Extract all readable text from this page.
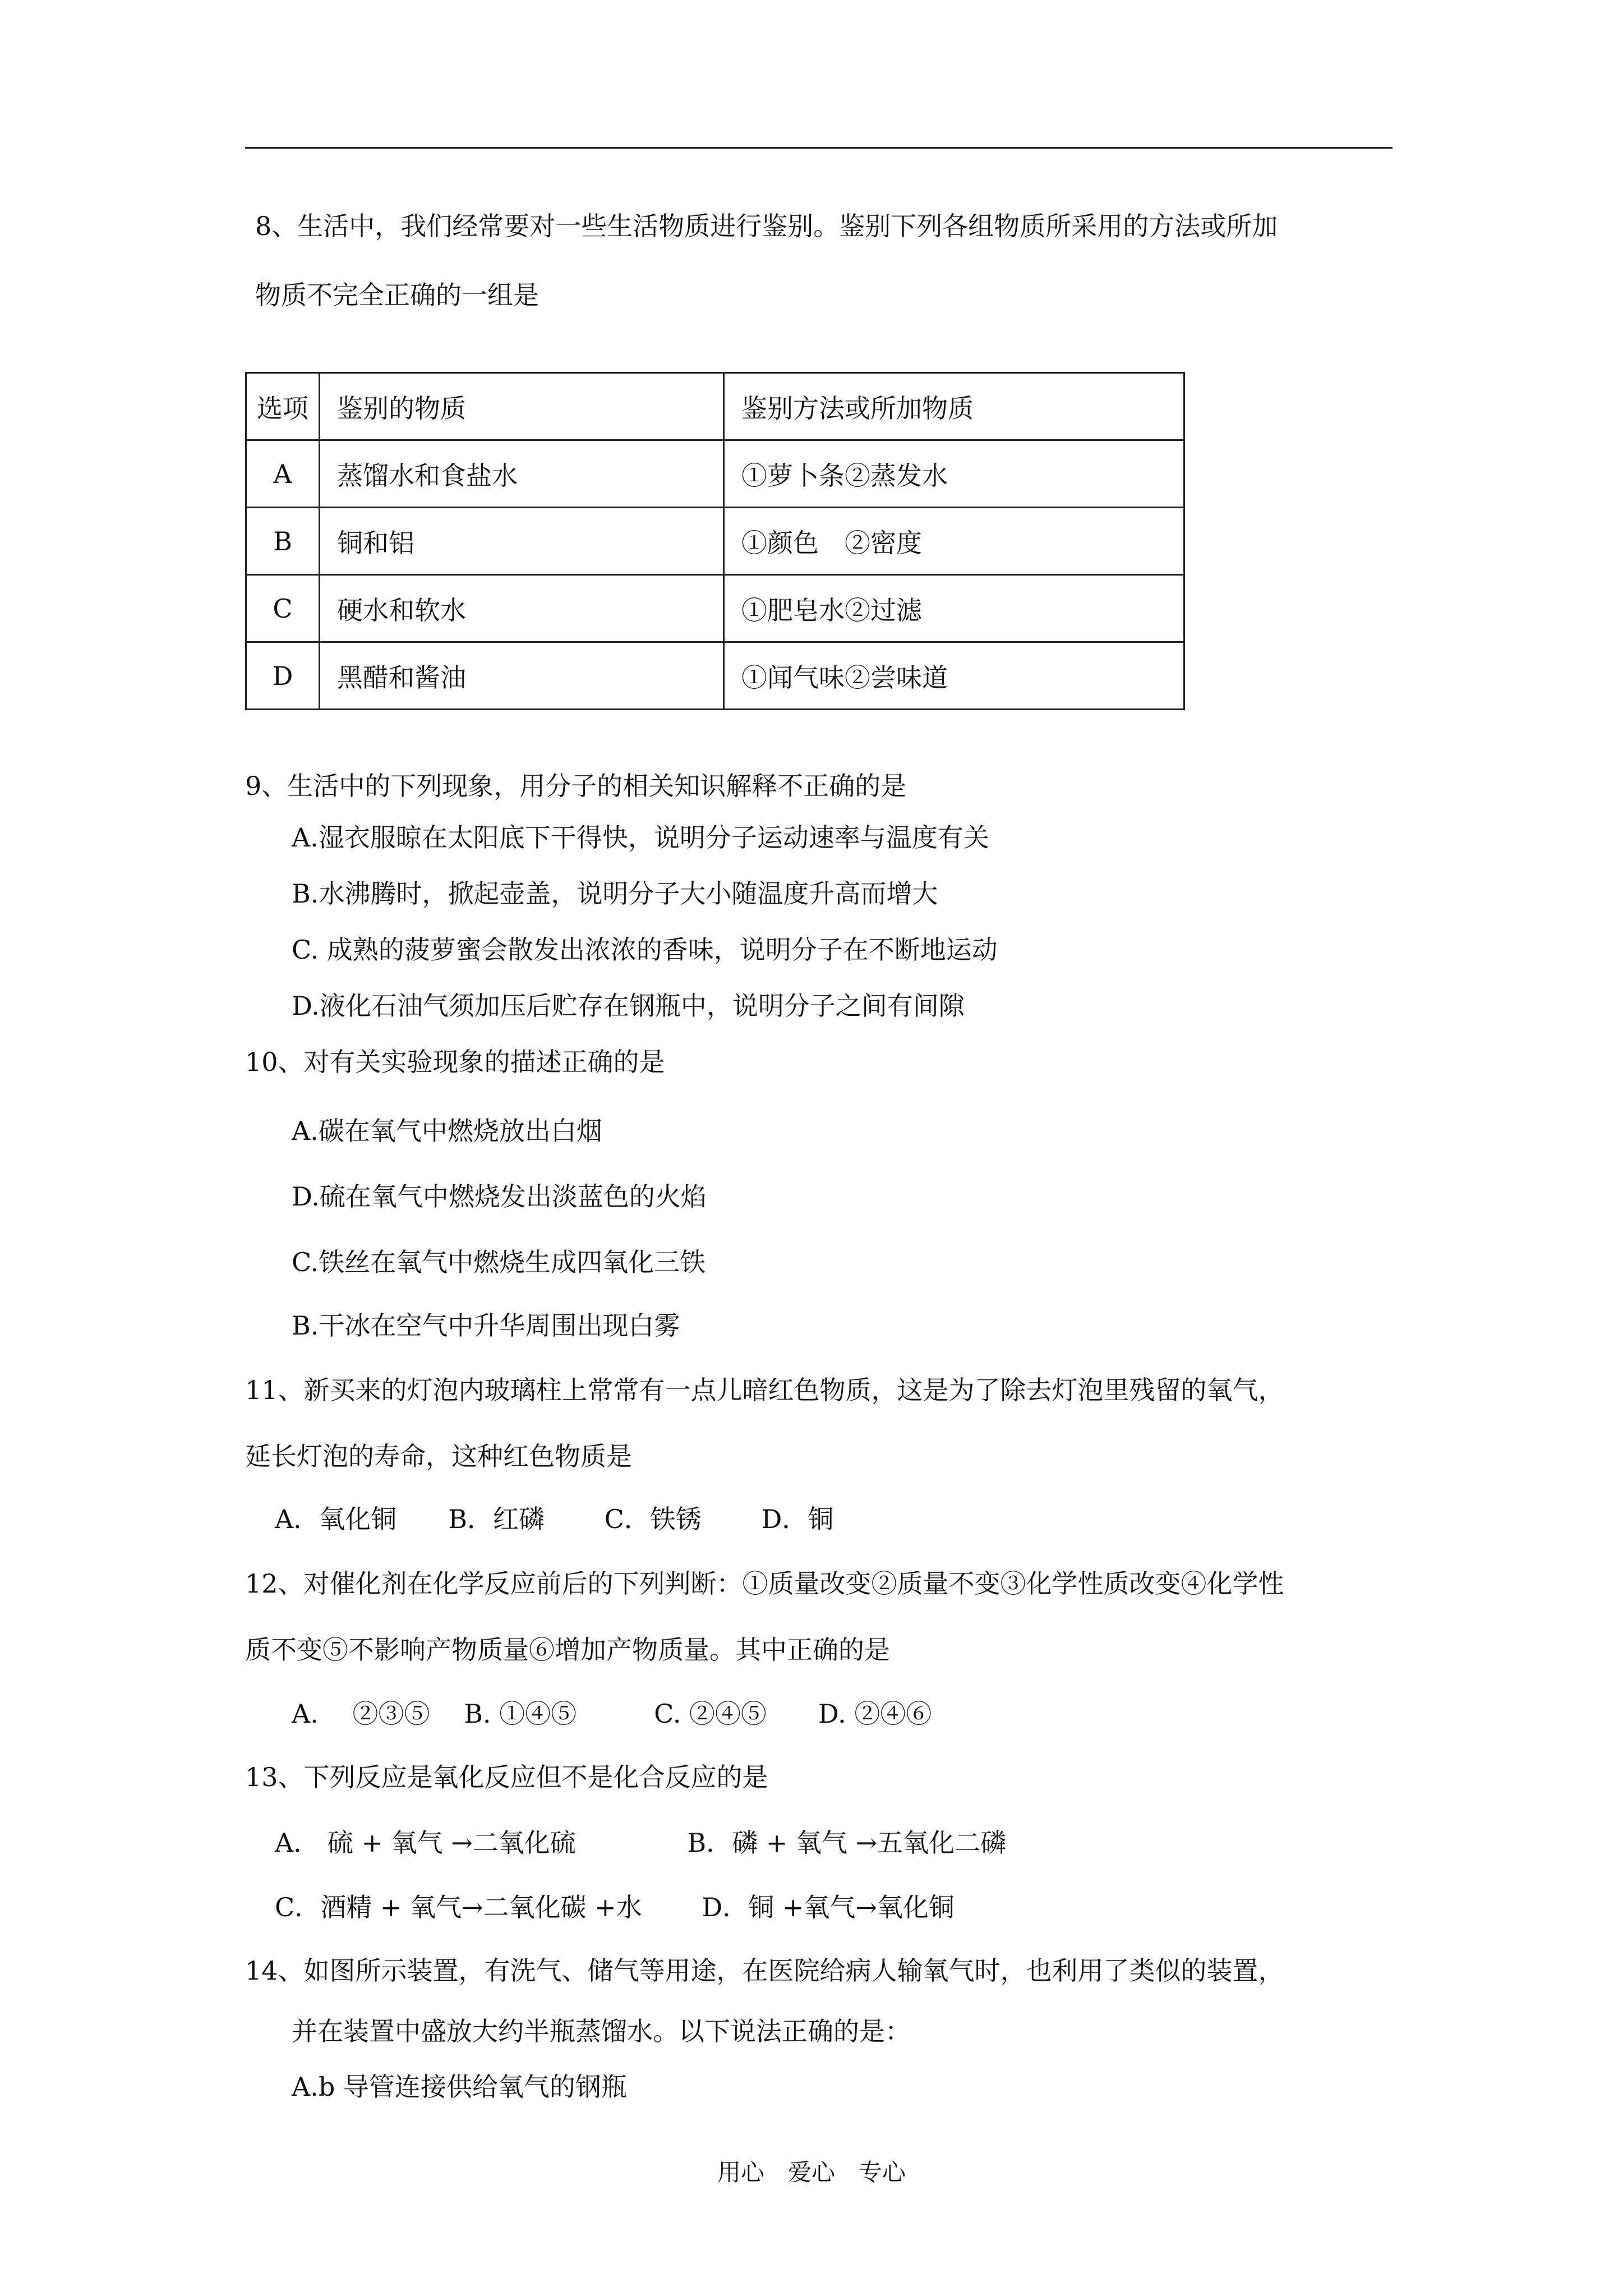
8、生活中，我们经常要对一些生活物质进行鉴别。鉴别下列各组物质所采用的方法或所加
物质不完全正确的一组是
选项	鉴别的物质	鉴别方法或所加物质
A	蒸馏水和食盐水	①萝卜条②蒸发水
B	铜和铝	①颜色　②密度
C	硬水和软水	①肥皂水②过滤
D	黑醋和酱油	①闻气味②尝味道
9、生活中的下列现象，用分子的相关知识解释不正确的是
A.湿衣服晾在太阳底下干得快，说明分子运动速率与温度有关
B.水沸腾时，掀起壶盖，说明分子大小随温度升高而增大
C. 成熟的菠萝蜜会散发出浓浓的香味，说明分子在不断地运动
D.液化石油气须加压后贮存在钢瓶中，说明分子之间有间隙
10、对有关实验现象的描述正确的是
A.碳在氧气中燃烧放出白烟
D.硫在氧气中燃烧发出淡蓝色的火焰
C.铁丝在氧气中燃烧生成四氧化三铁
B.干冰在空气中升华周围出现白雾
11、新买来的灯泡内玻璃柱上常常有一点儿暗红色物质，这是为了除去灯泡里残留的氧气，
延长灯泡的寿命，这种红色物质是
A．氧化铜　　B．红磷　　 C．铁锈　　 D．铜
12、对催化剂在化学反应前后的下列判断：①质量改变②质量不变③化学性质改变④化学性
质不变⑤不影响产物质量⑥增加产物质量。其中正确的是
A.　 ②③⑤　 B. ①④⑤　　　C. ②④⑤　　D. ②④⑥
13、下列反应是氧化反应但不是化合反应的是
A． 硫 + 氧气 →二氧化硫　　　　 B．磷 + 氧气 →五氧化二磷
C．酒精 + 氧气→二氧化碳 +水　　 D．铜 +氧气→氧化铜
14、如图所示装置，有洗气、储气等用途，在医院给病人输氧气时，也利用了类似的装置，
并在装置中盛放大约半瓶蒸馏水。以下说法正确的是：
A.b 导管连接供给氧气的钢瓶
用心　爱心　专心
